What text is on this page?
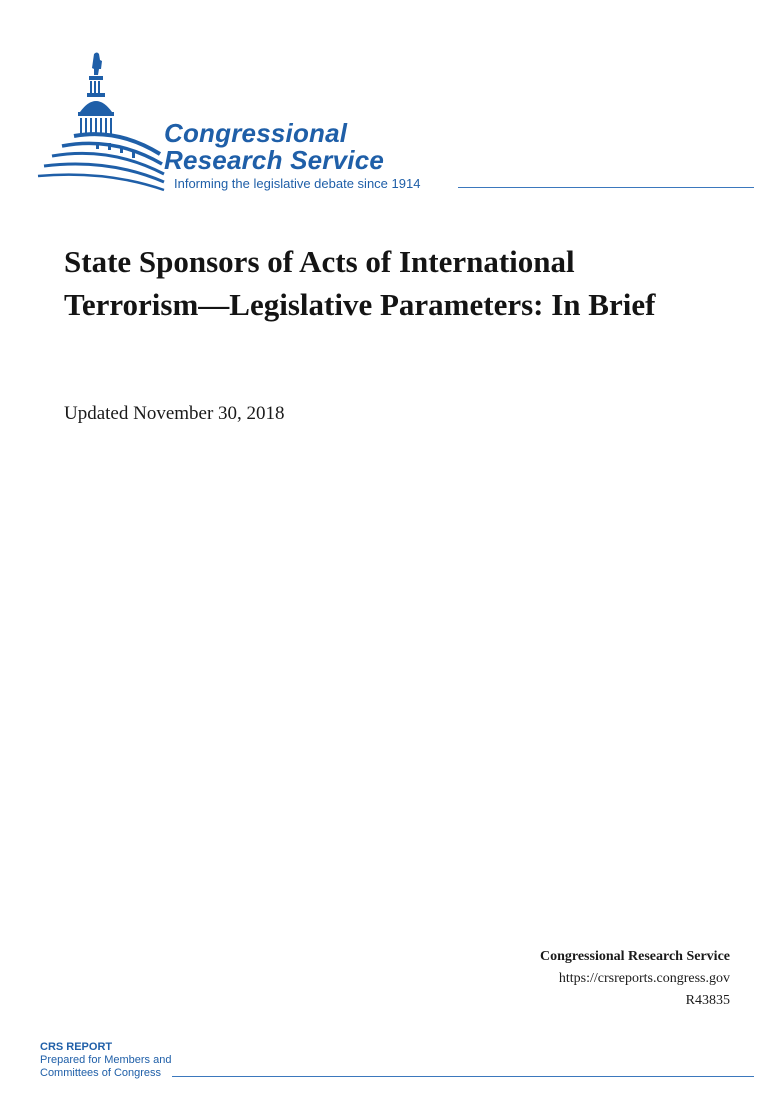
Congressional
Research Service
Informing the legislative debate since 1914
State Sponsors of Acts of International
Terrorism—Legislative Parameters: In Brief
Updated November 30, 2018
Congressional Research Service
https://crsreports.congress.gov
R43835
CRS REPORT
Prepared for Members and
Committees of Congress
